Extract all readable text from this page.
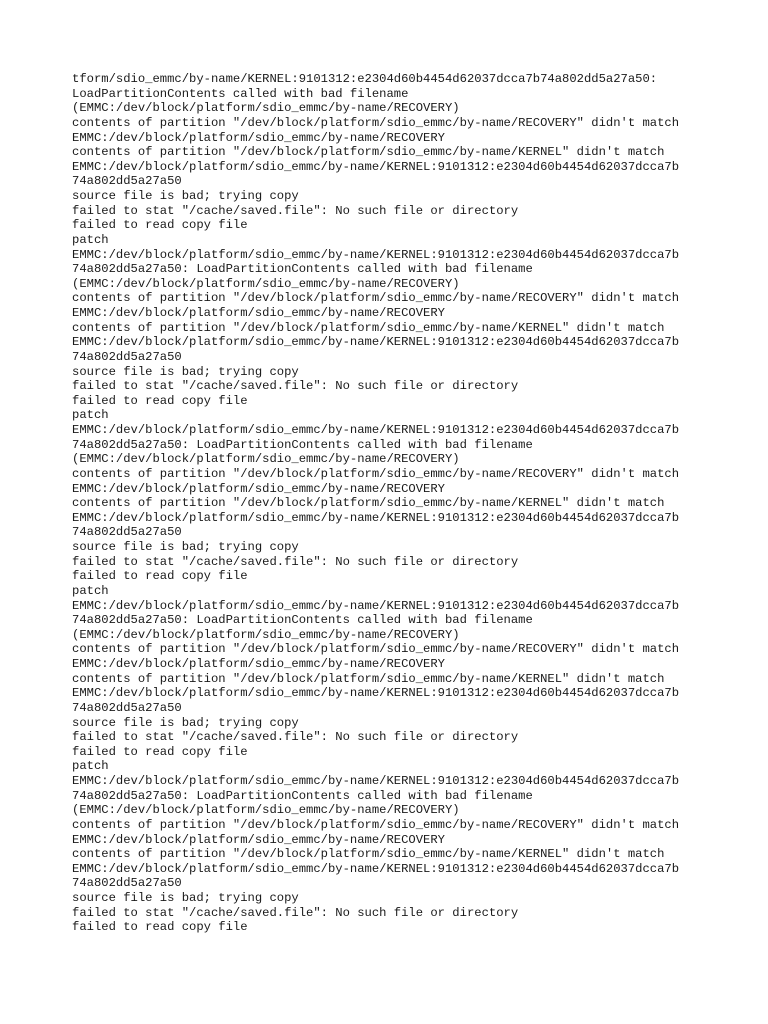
tform/sdio_emmc/by-name/KERNEL:9101312:e2304d60b4454d62037dcca7b74a802dd5a27a50:
LoadPartitionContents called with bad filename
(EMMC:/dev/block/platform/sdio_emmc/by-name/RECOVERY)
contents of partition "/dev/block/platform/sdio_emmc/by-name/RECOVERY" didn't match
EMMC:/dev/block/platform/sdio_emmc/by-name/RECOVERY
contents of partition "/dev/block/platform/sdio_emmc/by-name/KERNEL" didn't match
EMMC:/dev/block/platform/sdio_emmc/by-name/KERNEL:9101312:e2304d60b4454d62037dcca7b
74a802dd5a27a50
source file is bad; trying copy
failed to stat "/cache/saved.file": No such file or directory
failed to read copy file
patch
EMMC:/dev/block/platform/sdio_emmc/by-name/KERNEL:9101312:e2304d60b4454d62037dcca7b
74a802dd5a27a50: LoadPartitionContents called with bad filename
(EMMC:/dev/block/platform/sdio_emmc/by-name/RECOVERY)
contents of partition "/dev/block/platform/sdio_emmc/by-name/RECOVERY" didn't match
EMMC:/dev/block/platform/sdio_emmc/by-name/RECOVERY
contents of partition "/dev/block/platform/sdio_emmc/by-name/KERNEL" didn't match
EMMC:/dev/block/platform/sdio_emmc/by-name/KERNEL:9101312:e2304d60b4454d62037dcca7b
74a802dd5a27a50
source file is bad; trying copy
failed to stat "/cache/saved.file": No such file or directory
failed to read copy file
patch
EMMC:/dev/block/platform/sdio_emmc/by-name/KERNEL:9101312:e2304d60b4454d62037dcca7b
74a802dd5a27a50: LoadPartitionContents called with bad filename
(EMMC:/dev/block/platform/sdio_emmc/by-name/RECOVERY)
contents of partition "/dev/block/platform/sdio_emmc/by-name/RECOVERY" didn't match
EMMC:/dev/block/platform/sdio_emmc/by-name/RECOVERY
contents of partition "/dev/block/platform/sdio_emmc/by-name/KERNEL" didn't match
EMMC:/dev/block/platform/sdio_emmc/by-name/KERNEL:9101312:e2304d60b4454d62037dcca7b
74a802dd5a27a50
source file is bad; trying copy
failed to stat "/cache/saved.file": No such file or directory
failed to read copy file
patch
EMMC:/dev/block/platform/sdio_emmc/by-name/KERNEL:9101312:e2304d60b4454d62037dcca7b
74a802dd5a27a50: LoadPartitionContents called with bad filename
(EMMC:/dev/block/platform/sdio_emmc/by-name/RECOVERY)
contents of partition "/dev/block/platform/sdio_emmc/by-name/RECOVERY" didn't match
EMMC:/dev/block/platform/sdio_emmc/by-name/RECOVERY
contents of partition "/dev/block/platform/sdio_emmc/by-name/KERNEL" didn't match
EMMC:/dev/block/platform/sdio_emmc/by-name/KERNEL:9101312:e2304d60b4454d62037dcca7b
74a802dd5a27a50
source file is bad; trying copy
failed to stat "/cache/saved.file": No such file or directory
failed to read copy file
patch
EMMC:/dev/block/platform/sdio_emmc/by-name/KERNEL:9101312:e2304d60b4454d62037dcca7b
74a802dd5a27a50: LoadPartitionContents called with bad filename
(EMMC:/dev/block/platform/sdio_emmc/by-name/RECOVERY)
contents of partition "/dev/block/platform/sdio_emmc/by-name/RECOVERY" didn't match
EMMC:/dev/block/platform/sdio_emmc/by-name/RECOVERY
contents of partition "/dev/block/platform/sdio_emmc/by-name/KERNEL" didn't match
EMMC:/dev/block/platform/sdio_emmc/by-name/KERNEL:9101312:e2304d60b4454d62037dcca7b
74a802dd5a27a50
source file is bad; trying copy
failed to stat "/cache/saved.file": No such file or directory
failed to read copy file
